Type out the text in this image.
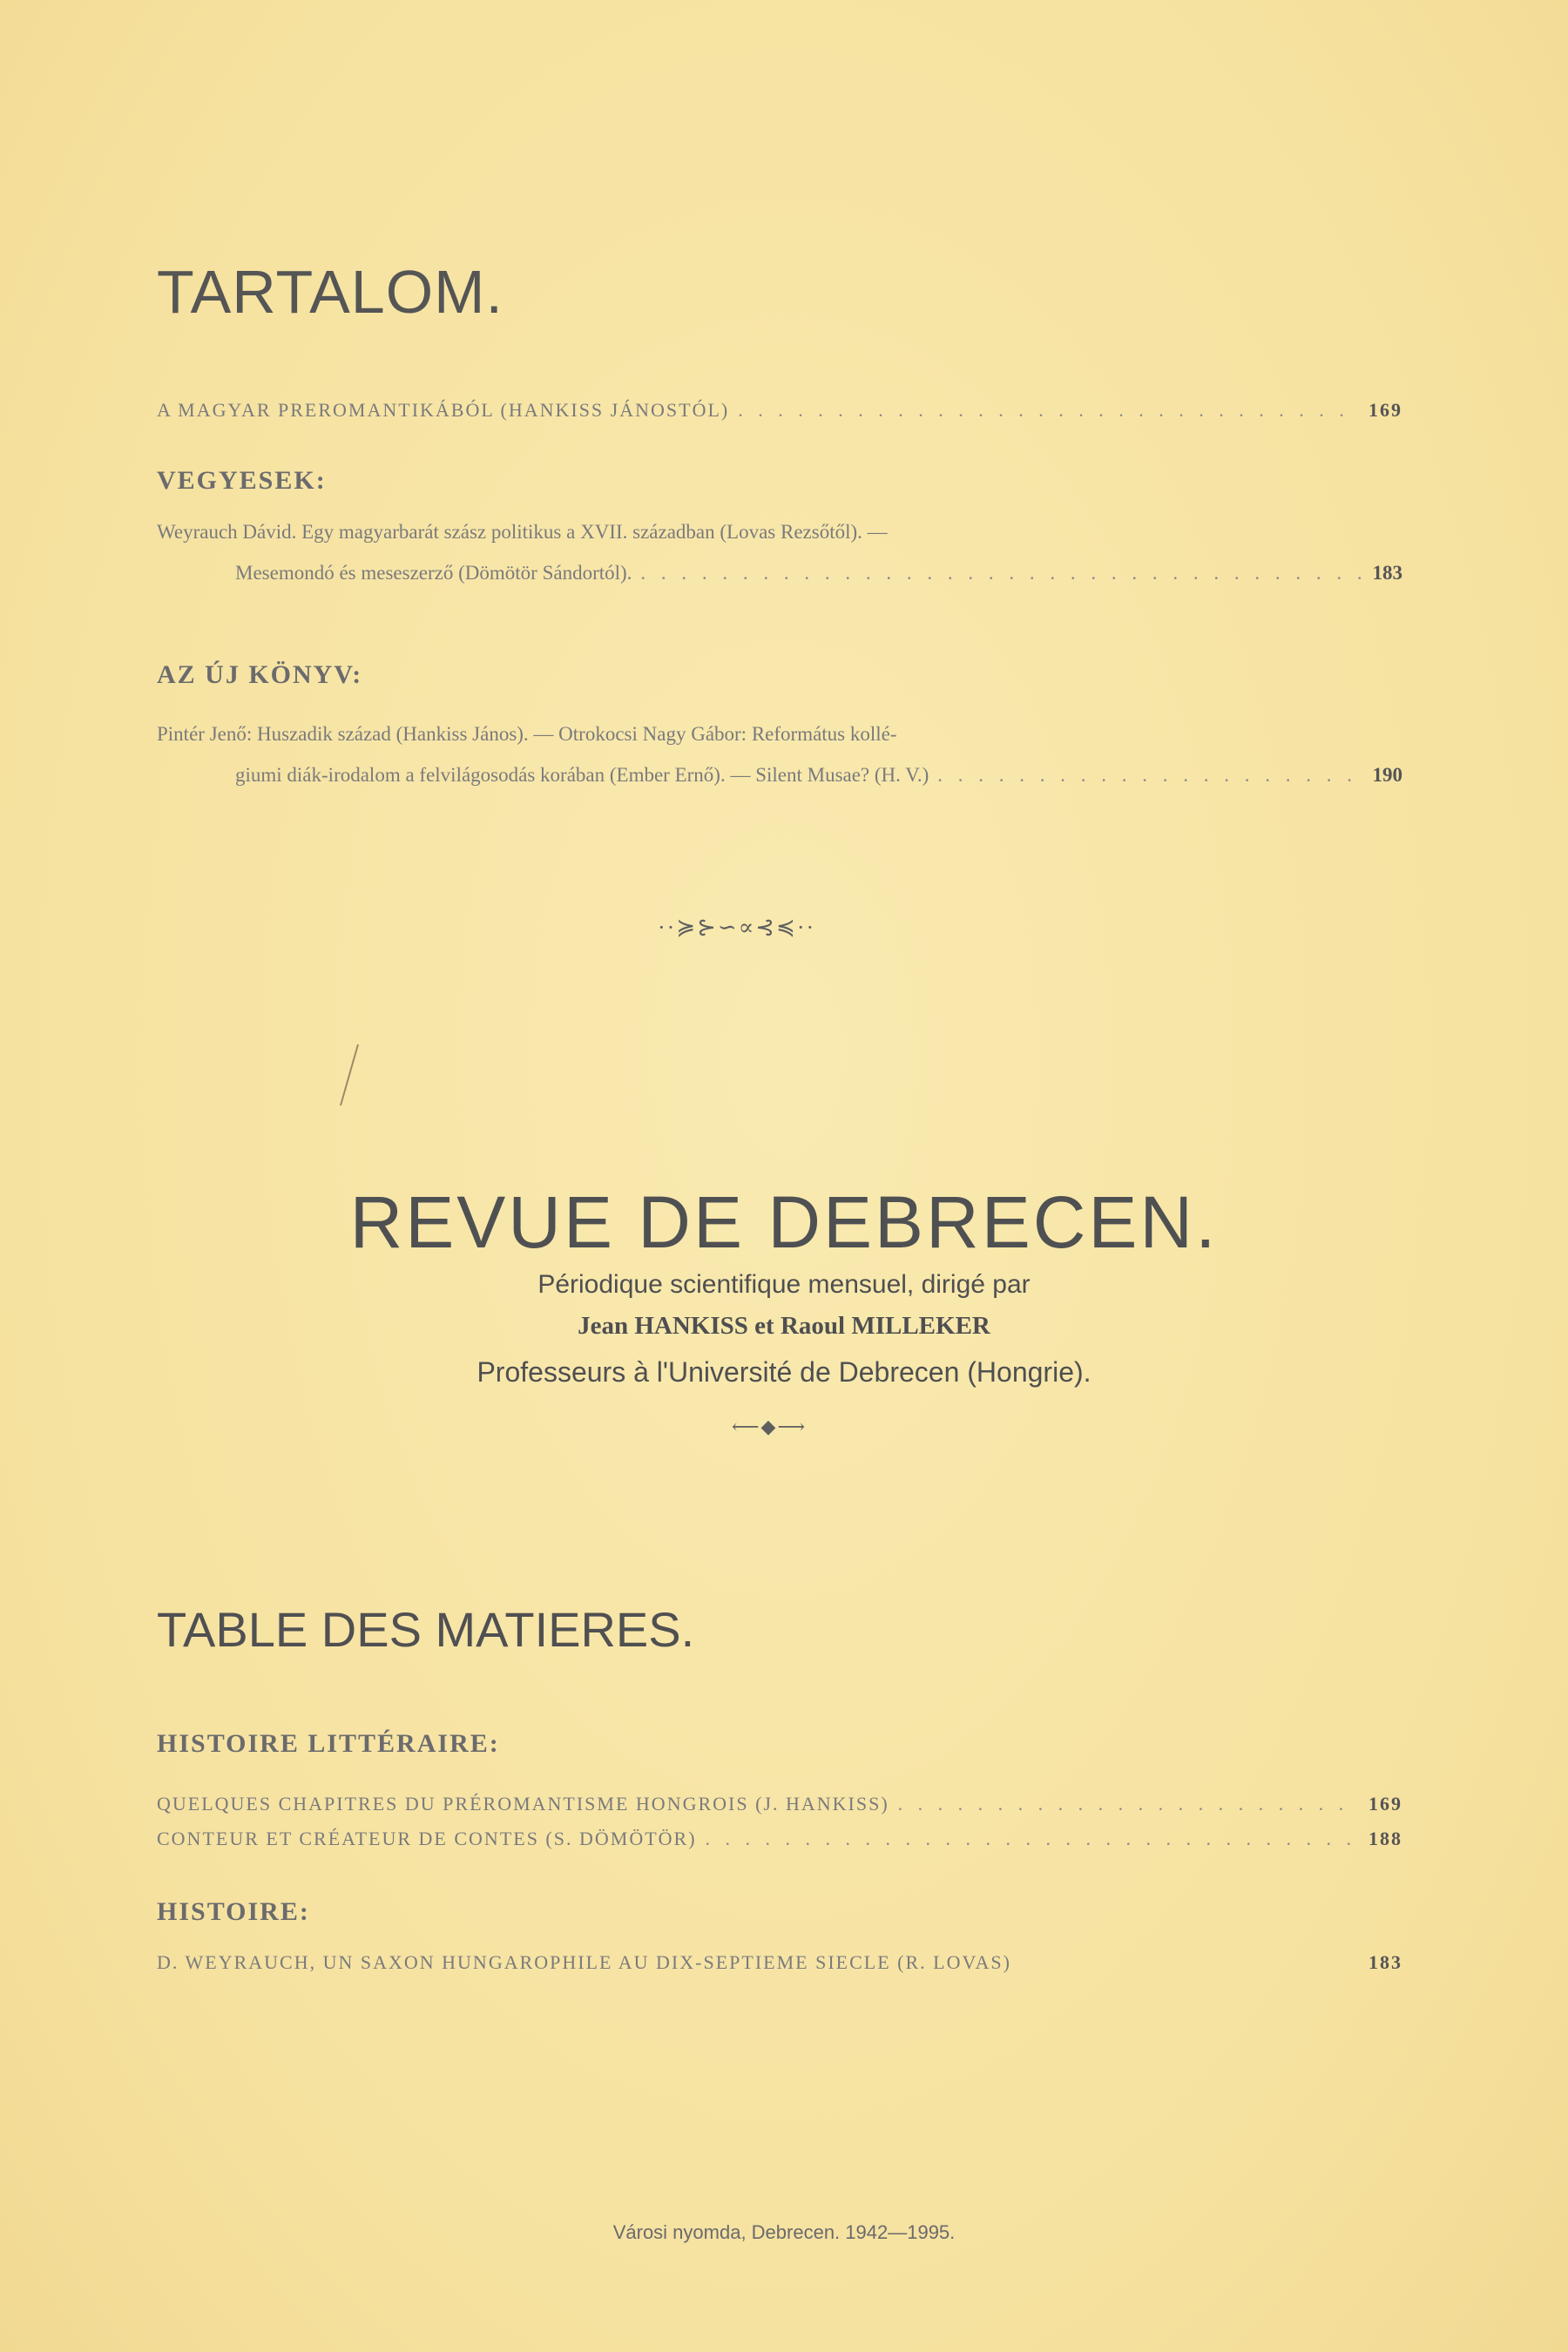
TARTALOM.
A MAGYAR PREROMANTIKÁBÓL (HANKISS JÁNOSTÓL) . . .	169
VEGYESEK:
Weyrauch Dávid. Egy magyarbarát szász politikus a XVII. században (Lovas Rezsőtől). —
Mesemondó és meseszerző (Dömötör Sándortól). . . .	183
AZ ÚJ KÖNYV:
Pintér Jenő: Huszadik század (Hankiss János). — Otrokocsi Nagy Gábor: Református kollé-
giumi diák-irodalom a felvilágosodás korában (Ember Ernő). — Silent Musae? (H. V.) . . .	190
··≽⊱∽∝⊰≼··
REVUE DE DEBRECEN.

Périodique scientifique mensuel, dirigé par

Jean HANKISS et Raoul MILLEKER

Professeurs à l'Université de Debrecen (Hongrie).

⟵◆⟶
TABLE DES MATIERES.
HISTOIRE LITTÉRAIRE:
QUELQUES CHAPITRES DU PRÉROMANTISME HONGROIS (J. HANKISS) . . .	169
CONTEUR ET CRÉATEUR DE CONTES (S. DÖMÖTÖR) . . .	188
HISTOIRE:
D. WEYRAUCH, UN SAXON HUNGAROPHILE AU DIX-SEPTIEME SIECLE (R. LOVAS)	183
Városi nyomda, Debrecen. 1942—1995.
